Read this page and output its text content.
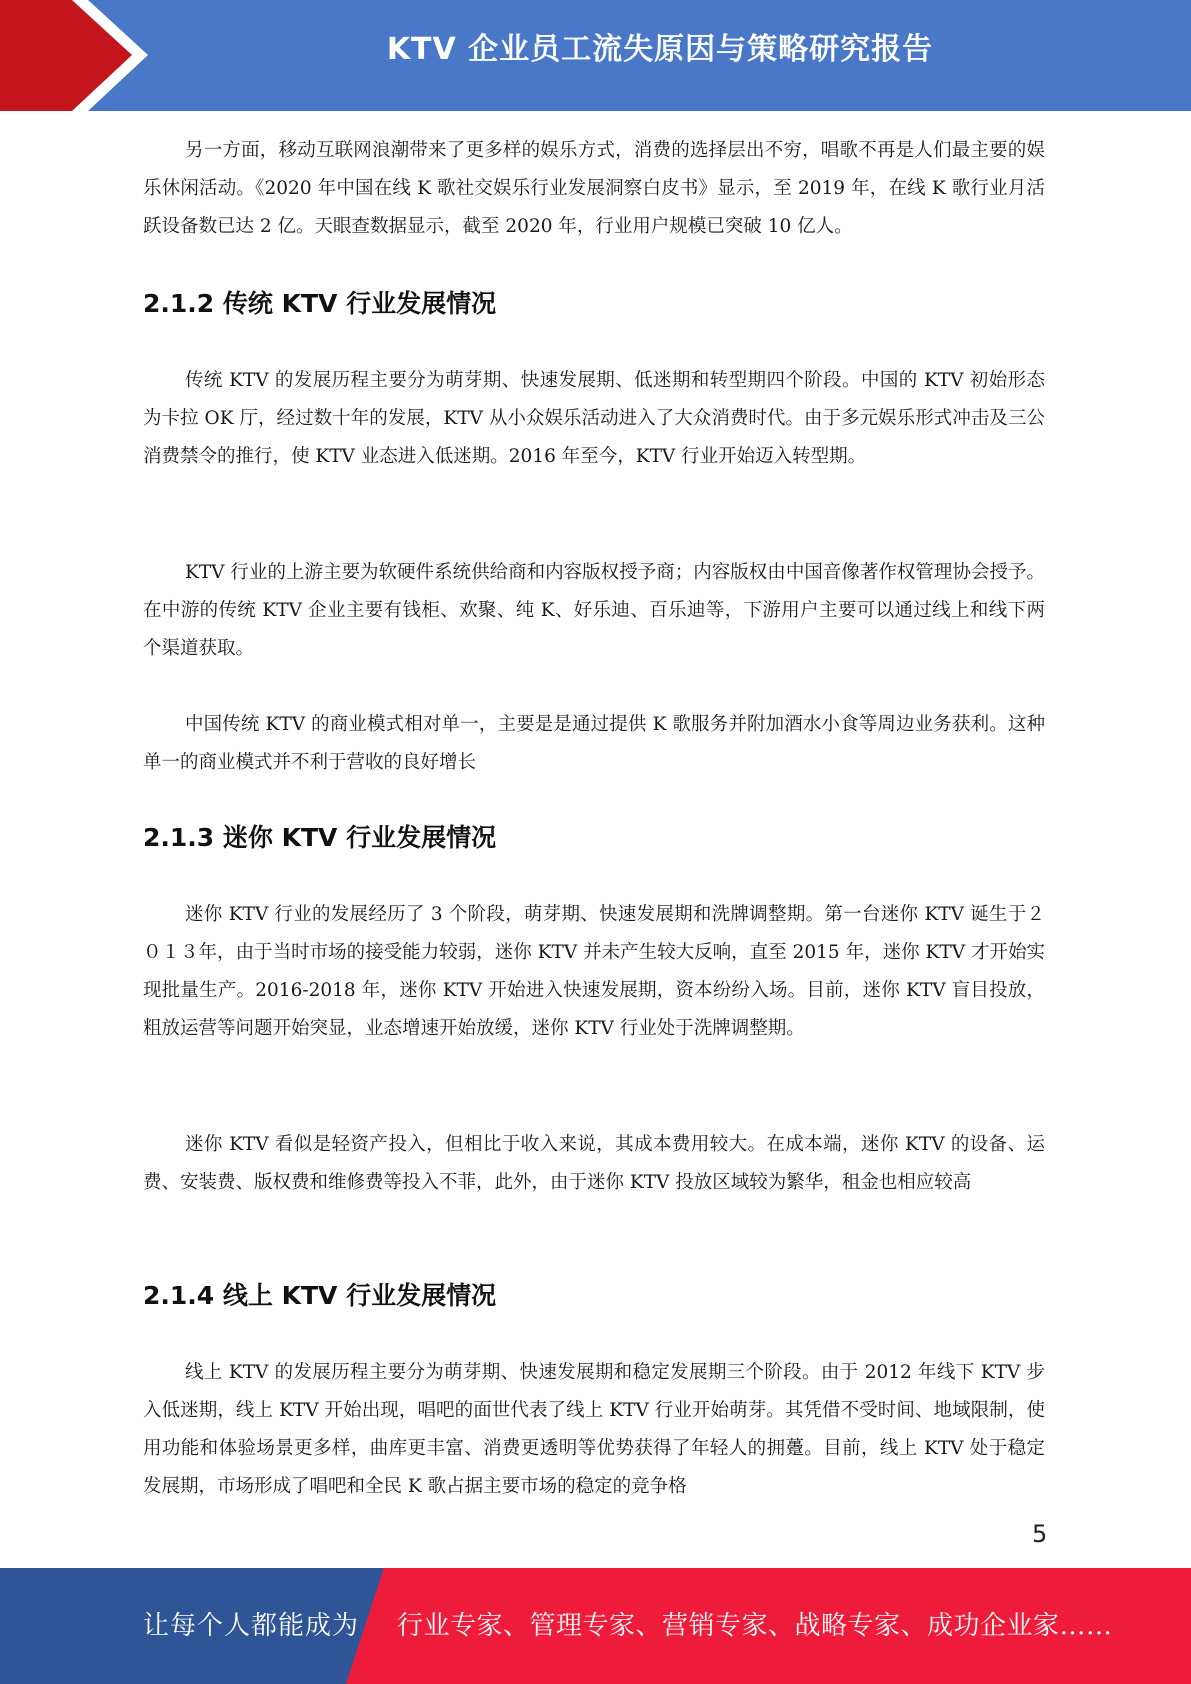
KTV 企业员工流失原因与策略研究报告

另一方面，移动互联网浪潮带来了更多样的娱乐方式，消费的选择层出不穷，唱歌不再是人们最主要的娱乐休闲活动。《2020 年中国在线 K 歌社交娱乐行业发展洞察白皮书》显示，至 2019 年，在线 K 歌行业月活跃设备数已达 2 亿。天眼查数据显示，截至 2020 年，行业用户规模已突破 10 亿人。

2.1.2 传统 KTV 行业发展情况

传统 KTV 的发展历程主要分为萌芽期、快速发展期、低迷期和转型期四个阶段。中国的 KTV 初始形态为卡拉 OK 厅，经过数十年的发展，KTV 从小众娱乐活动进入了大众消费时代。由于多元娱乐形式冲击及三公消费禁令的推行，使 KTV 业态进入低迷期。2016 年至今，KTV 行业开始迈入转型期。

KTV 行业的上游主要为软硬件系统供给商和内容版权授予商；内容版权由中国音像著作权管理协会授予。在中游的传统 KTV 企业主要有钱柜、欢聚、纯 K、好乐迪、百乐迪等，下游用户主要可以通过线上和线下两个渠道获取。

中国传统 KTV 的商业模式相对单一，主要是是通过提供 K 歌服务并附加酒水小食等周边业务获利。这种单一的商业模式并不利于营收的良好增长

2.1.3 迷你 KTV 行业发展情况

迷你 KTV 行业的发展经历了 3 个阶段，萌芽期、快速发展期和洗牌调整期。第一台迷你 KTV 诞生于２０１３年，由于当时市场的接受能力较弱，迷你 KTV 并未产生较大反响，直至 2015 年，迷你 KTV 才开始实现批量生产。2016-2018 年，迷你 KTV 开始进入快速发展期，资本纷纷入场。目前，迷你 KTV 盲目投放，粗放运营等问题开始突显，业态增速开始放缓，迷你 KTV 行业处于洗牌调整期。

迷你 KTV 看似是轻资产投入，但相比于收入来说，其成本费用较大。在成本端，迷你 KTV 的设备、运费、安装费、版权费和维修费等投入不菲，此外，由于迷你 KTV 投放区域较为繁华，租金也相应较高

2.1.4 线上 KTV 行业发展情况

线上 KTV 的发展历程主要分为萌芽期、快速发展期和稳定发展期三个阶段。由于 2012 年线下 KTV 步入低迷期，线上 KTV 开始出现，唱吧的面世代表了线上 KTV 行业开始萌芽。其凭借不受时间、地域限制，使用功能和体验场景更多样，曲库更丰富、消费更透明等优势获得了年轻人的拥躉。目前，线上 KTV 处于稳定发展期，市场形成了唱吧和全民 K 歌占据主要市场的稳定的竞争格

5
让每个人都能成为 行业专家、管理专家、营销专家、战略专家、成功企业家……
